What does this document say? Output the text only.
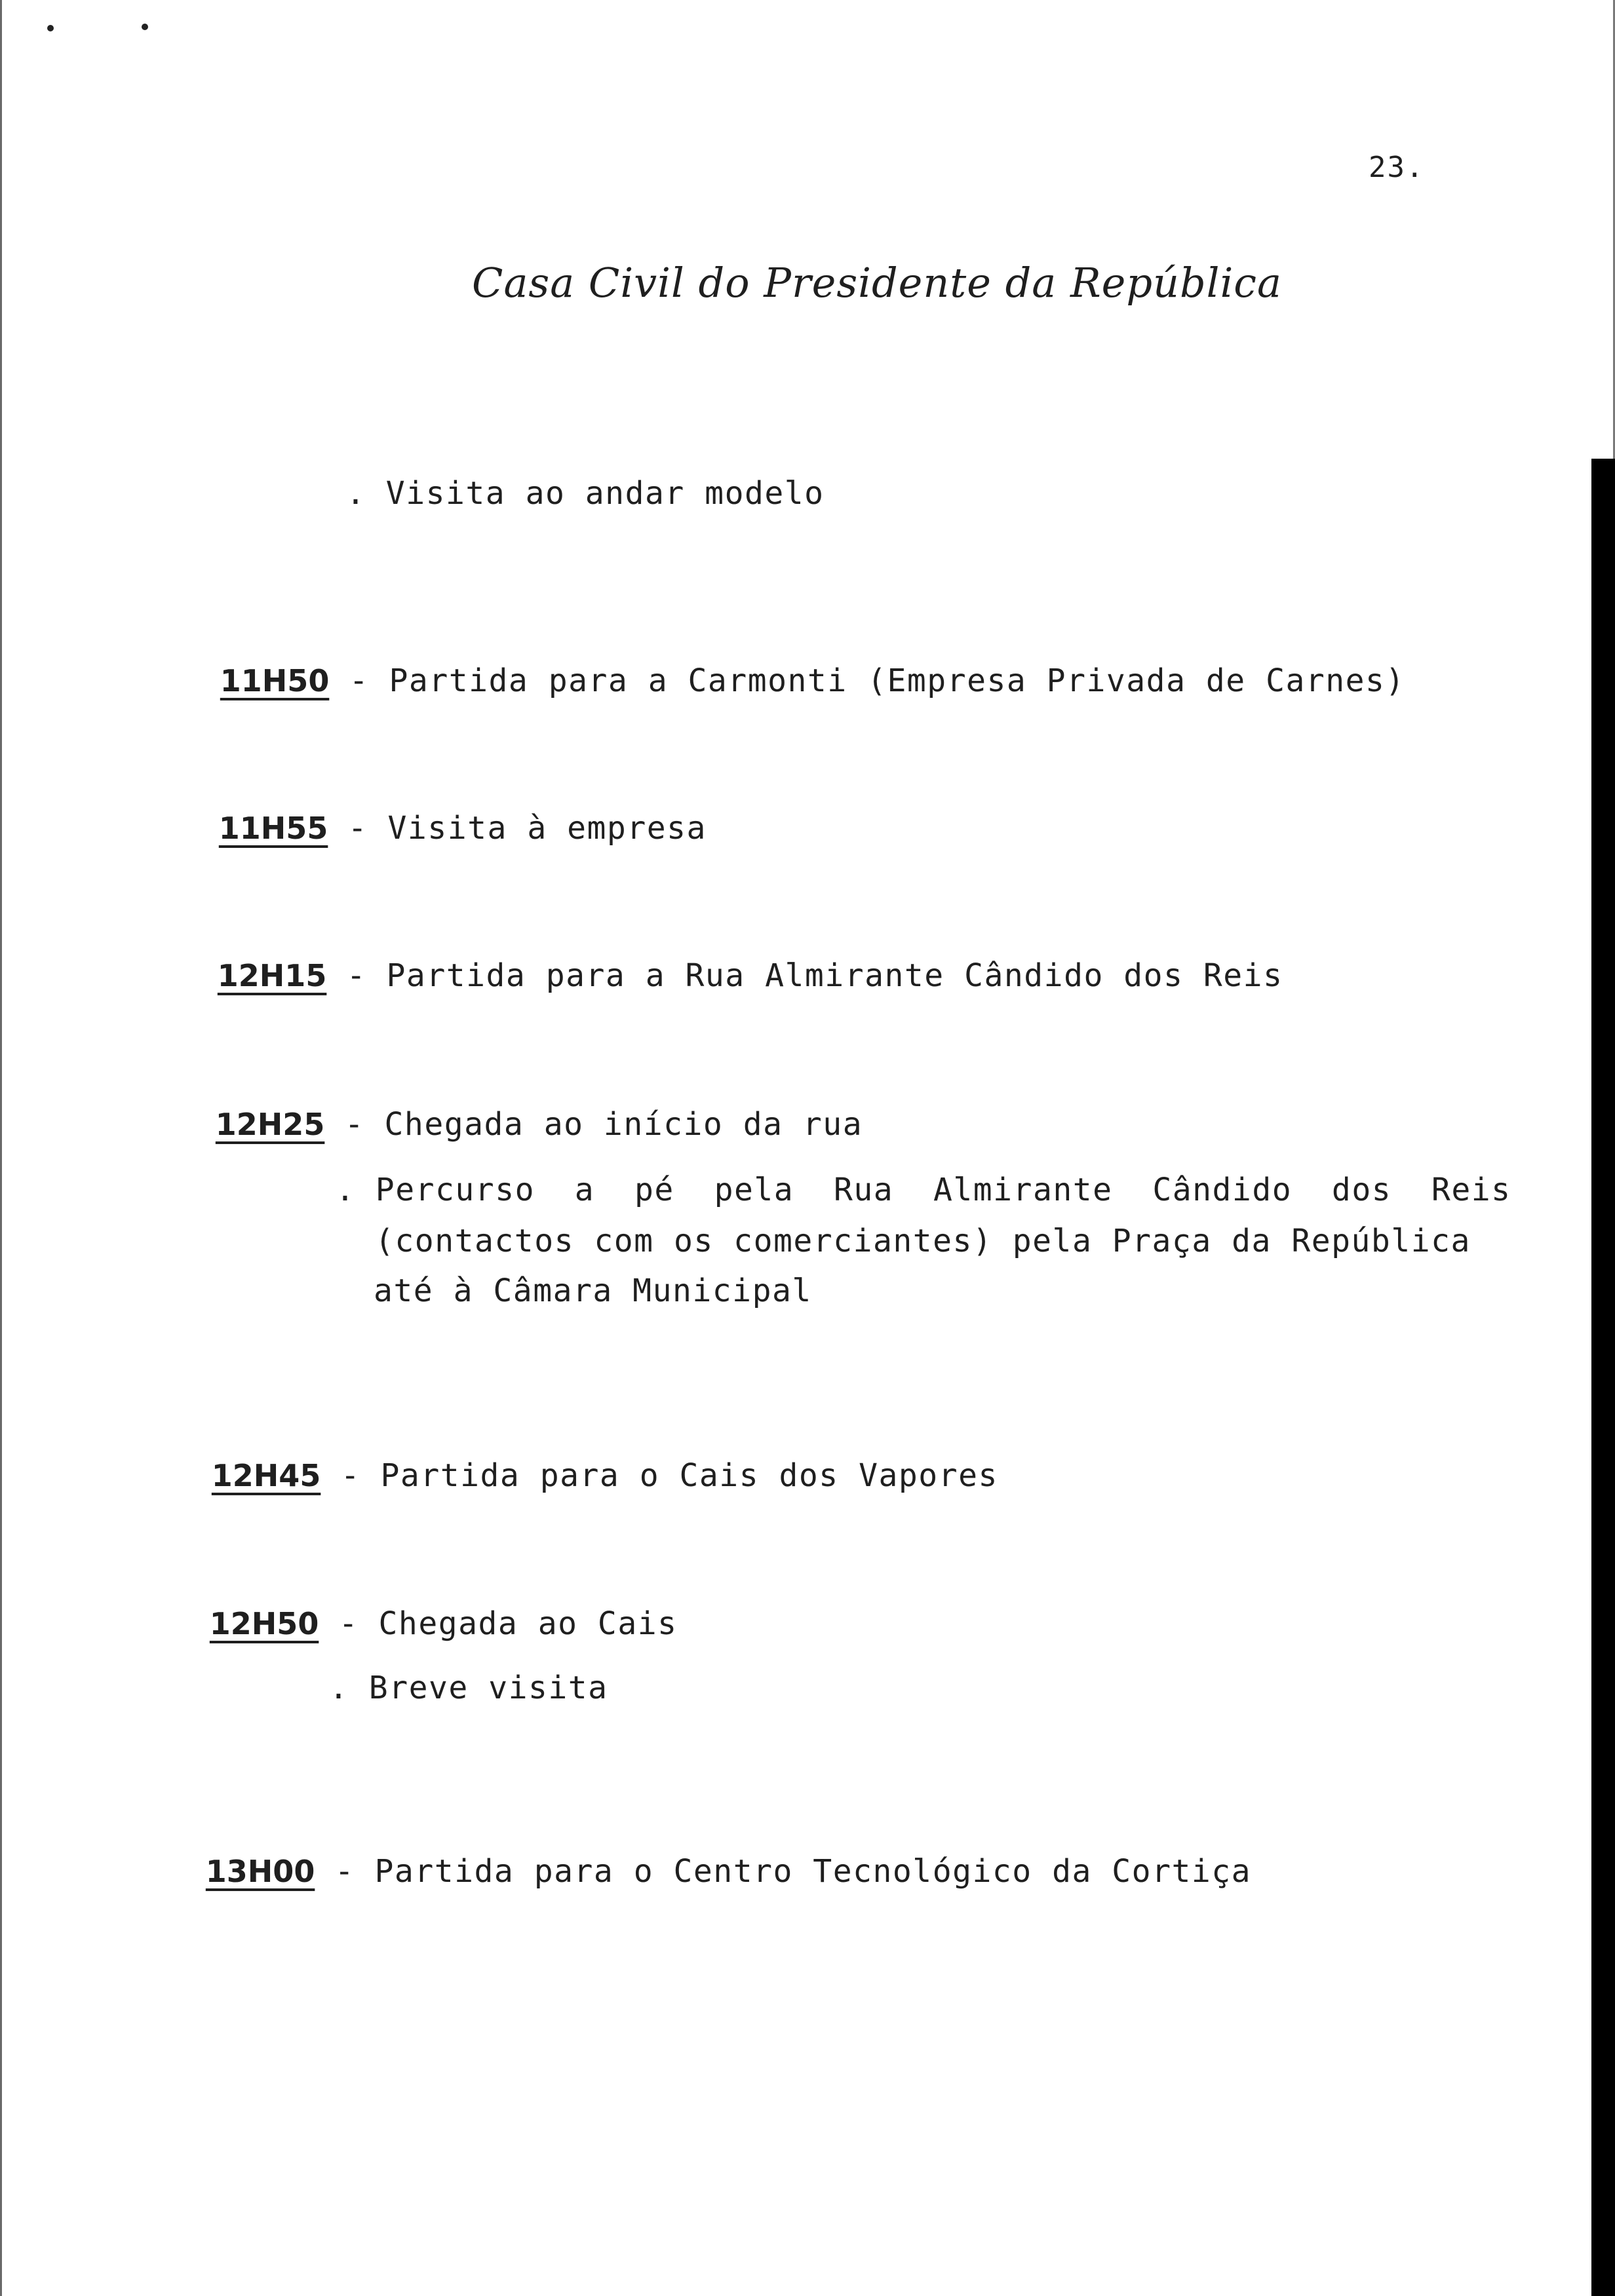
23.
Casa Civil do Presidente da República
. Visita ao andar modelo

11H50 - Partida para a Carmonti (Empresa Privada de Carnes)

11H55 - Visita à empresa

12H15 - Partida para a Rua Almirante Cândido dos Reis

12H25 - Chegada ao início da rua

. Percurso  a  pé  pela  Rua  Almirante  Cândido  dos  Reis
(contactos com os comerciantes) pela Praça da República
até à Câmara Municipal

12H45 - Partida para o Cais dos Vapores

12H50 - Chegada ao Cais

. Breve visita

13H00 - Partida para o Centro Tecnológico da Cortiça
